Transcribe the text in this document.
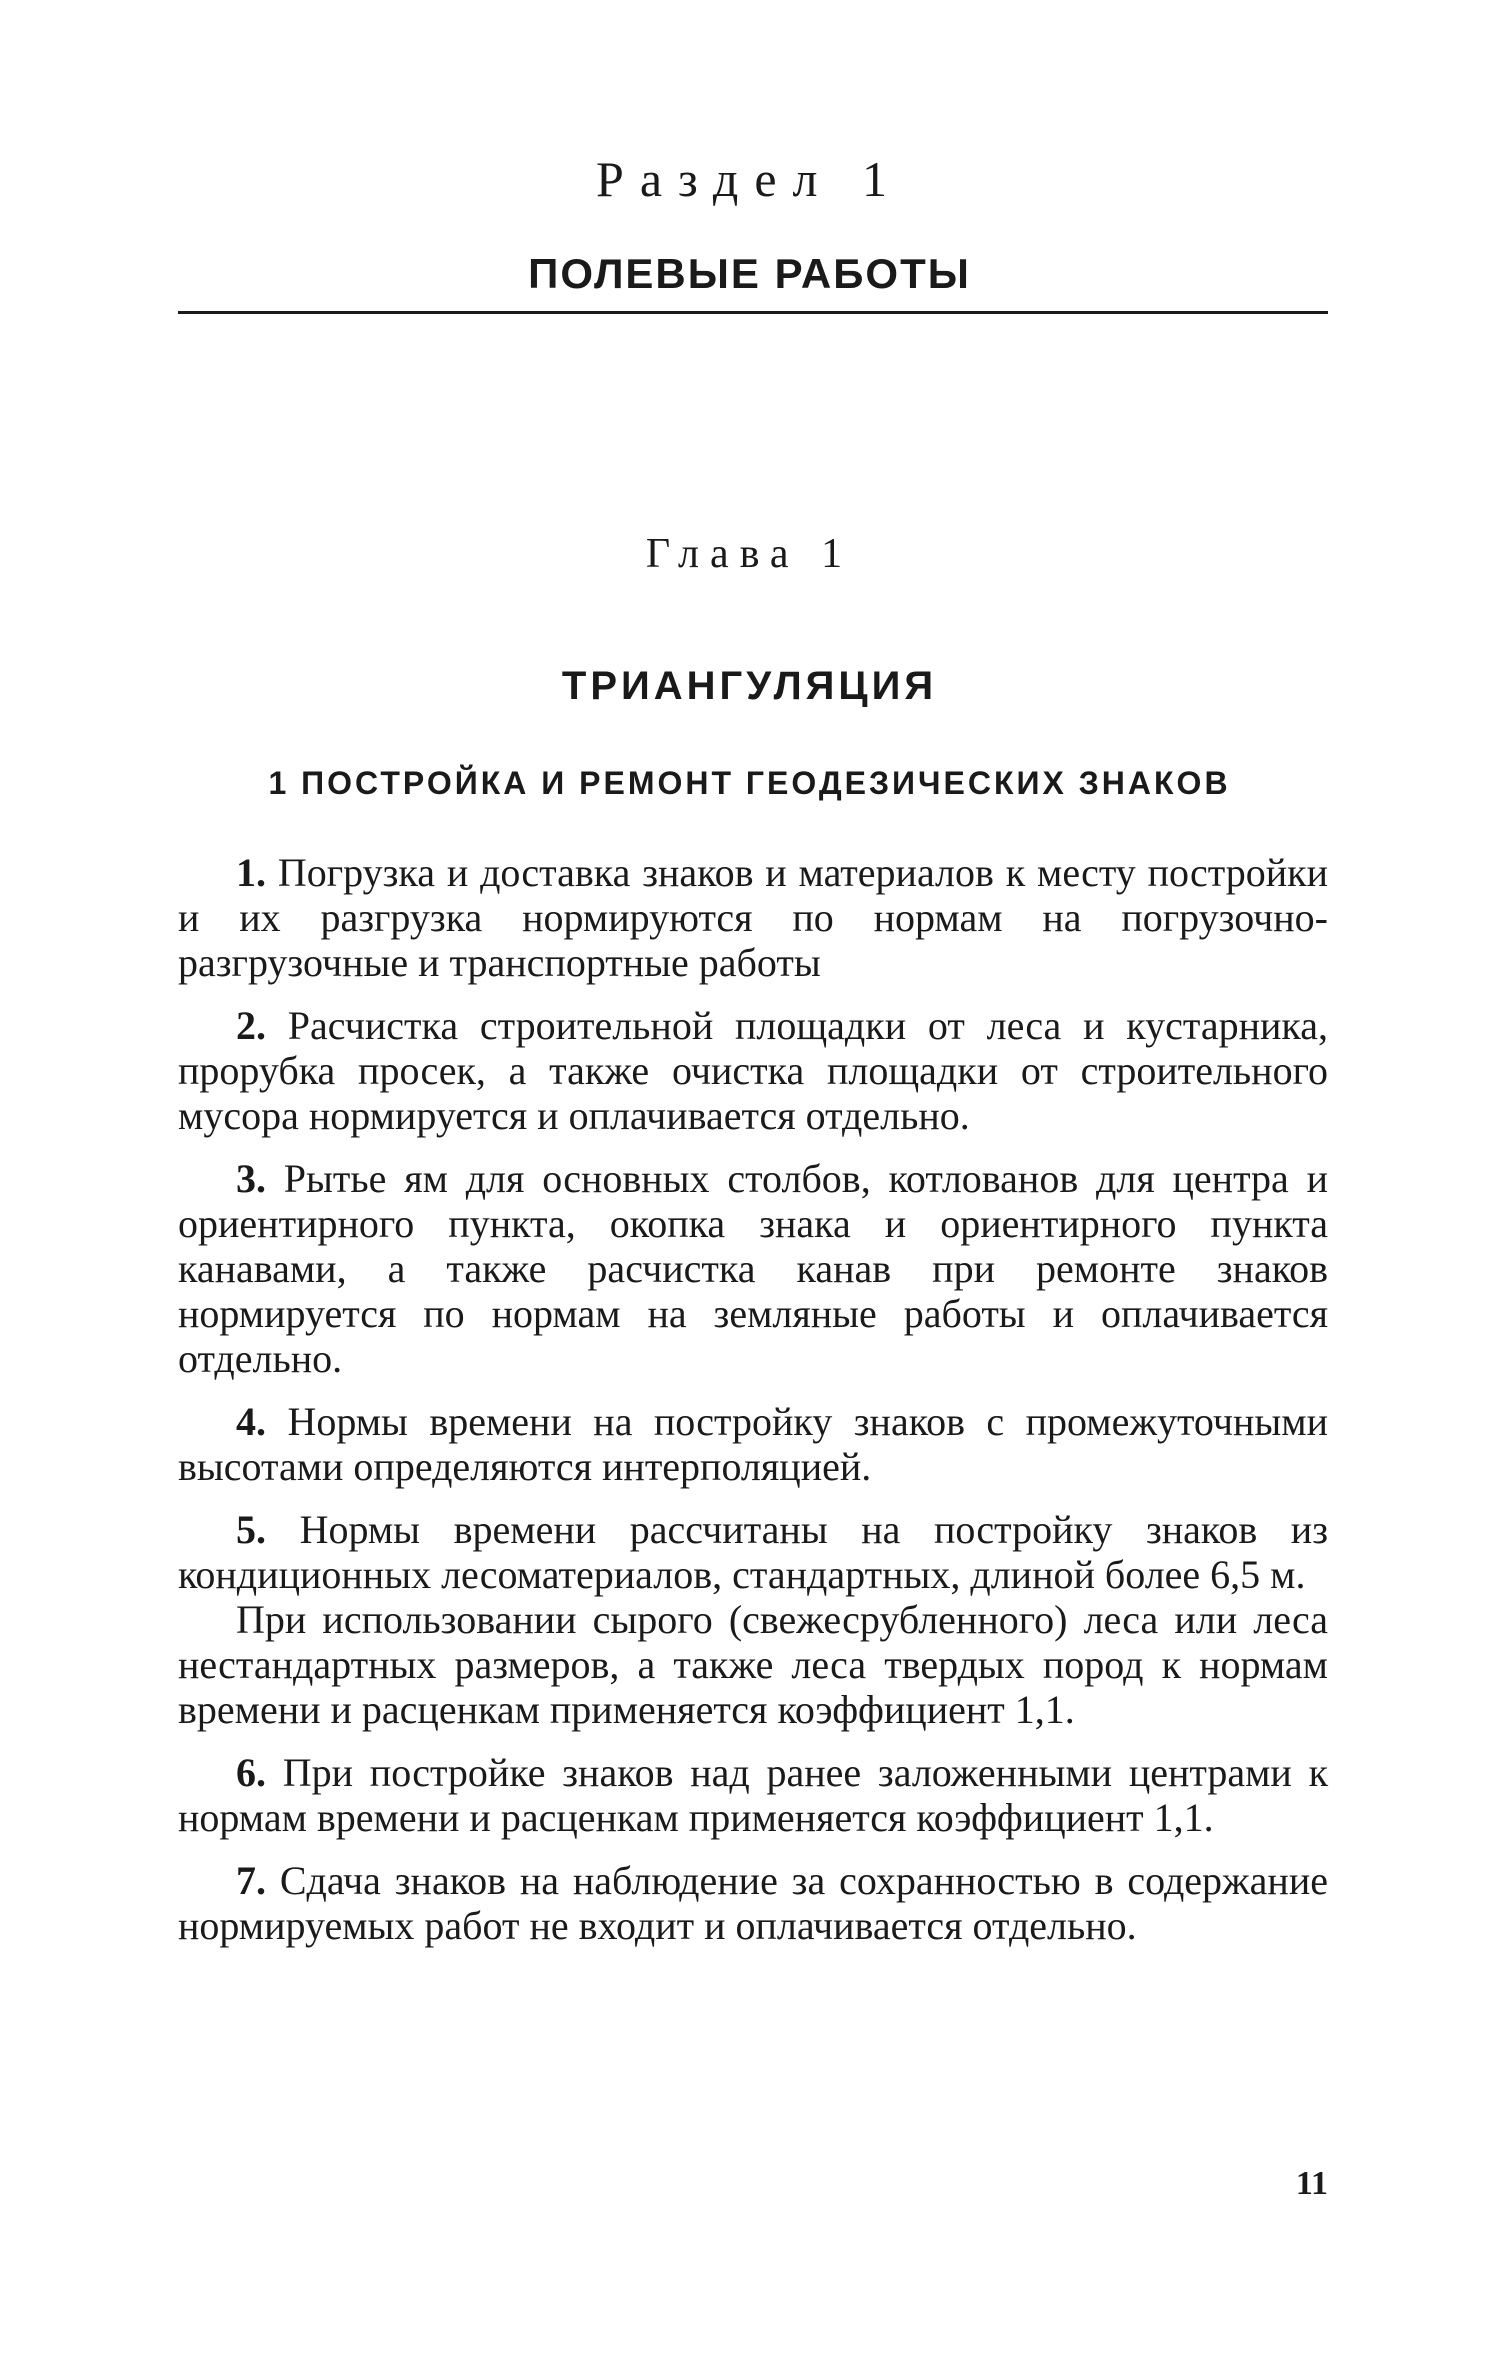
Раздел 1
ПОЛЕВЫЕ РАБОТЫ
Глава 1
ТРИАНГУЛЯЦИЯ
1 ПОСТРОЙКА И РЕМОНТ ГЕОДЕЗИЧЕСКИХ ЗНАКОВ

1. Погрузка и доставка знаков и материалов к месту постройки и их разгрузка нормируются по нормам на погрузочно-разгрузочные и транспортные работы

2. Расчистка строительной площадки от леса и кустарника, прорубка просек, а также очистка площадки от строительного мусора нормируется и оплачивается отдельно.

3. Рытье ям для основных столбов, котлованов для центра и ориентирного пункта, окопка знака и ориентирного пункта канавами, а также расчистка канав при ремонте знаков нормируется по нормам на земляные работы и оплачивается отдельно.

4. Нормы времени на постройку знаков с промежуточными высотами определяются интерполяцией.

5. Нормы времени рассчитаны на постройку знаков из кондиционных лесоматериалов, стандартных, длиной более 6,5 м.

При использовании сырого (свежесрубленного) леса или леса нестандартных размеров, а также леса твердых пород к нормам времени и расценкам применяется коэффициент 1,1.

6. При постройке знаков над ранее заложенными центрами к нормам времени и расценкам применяется коэффициент 1,1.

7. Сдача знаков на наблюдение за сохранностью в содержание нормируемых работ не входит и оплачивается отдельно.

11
